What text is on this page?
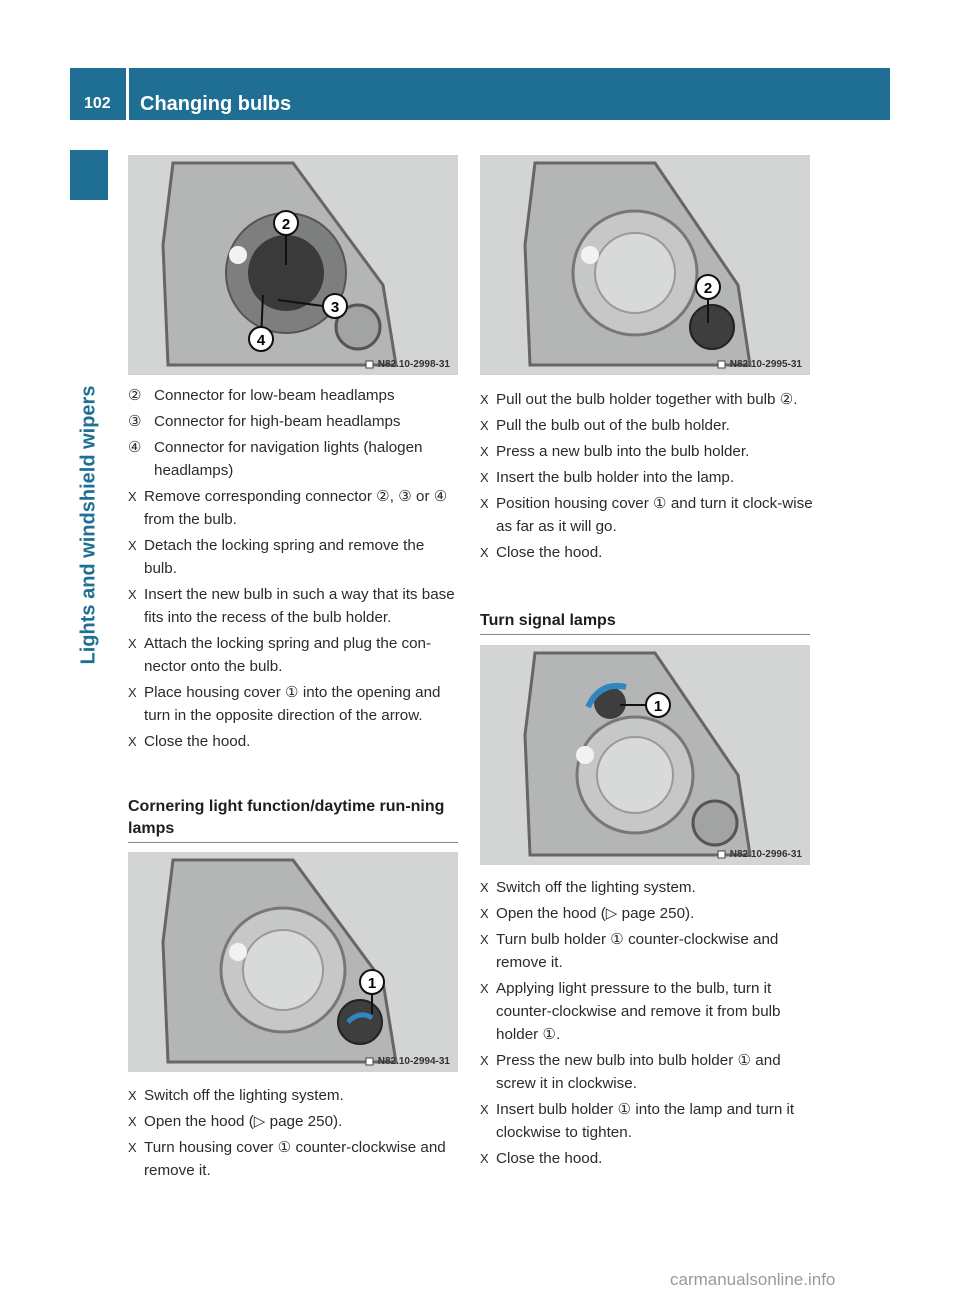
102	Changing bulbs
Lights and windshield wipers
2
3
4
N82.10-2998-31
2
N82.10-2995-31
1
N82.10-2994-31
1
N82.10-2996-31
② Connector for low-beam headlamps
③ Connector for high-beam headlamps
④ Connector for navigation lights (halogen headlamps)
X Remove corresponding connector ②, ③ or ④ from the bulb.
X Detach the locking spring and remove the bulb.
X Insert the new bulb in such a way that its base fits into the recess of the bulb holder.
X Attach the locking spring and plug the con-nector onto the bulb.
X Place housing cover ① into the opening and turn in the opposite direction of the arrow.
X Close the hood.
Cornering light function/daytime run-ning lamps
X Switch off the lighting system.
X Open the hood (▷ page 250).
X Turn housing cover ① counter-clockwise and remove it.
X Pull out the bulb holder together with bulb ②.
X Pull the bulb out of the bulb holder.
X Press a new bulb into the bulb holder.
X Insert the bulb holder into the lamp.
X Position housing cover ① and turn it clock-wise as far as it will go.
X Close the hood.
Turn signal lamps
X Switch off the lighting system.
X Open the hood (▷ page 250).
X Turn bulb holder ① counter-clockwise and remove it.
X Applying light pressure to the bulb, turn it counter-clockwise and remove it from bulb holder ①.
X Press the new bulb into bulb holder ① and screw it in clockwise.
X Insert bulb holder ① into the lamp and turn it clockwise to tighten.
X Close the hood.
carmanualsonline.info
